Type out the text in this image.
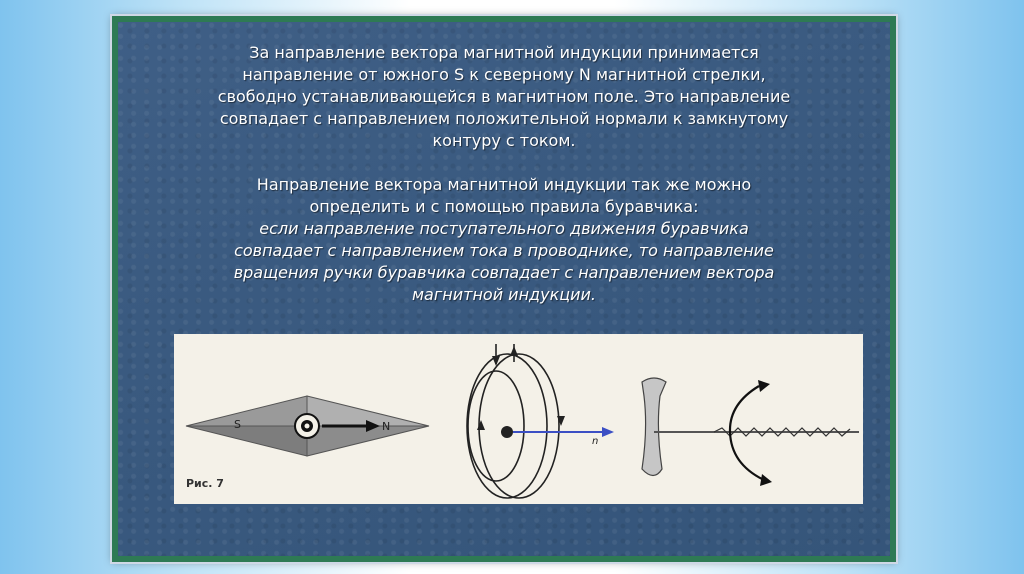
За направление вектора магнитной индукции принимается
направление от южного S к северному N магнитной стрелки,
свободно устанавливающейся в магнитном поле. Это направление
совпадает с направлением положительной нормали к замкнутому
контуру с током.
Направление вектора магнитной индукции так же можно
определить и с помощью правила буравчика:
если направление поступательного движения буравчика
совпадает с направлением тока в проводнике, то направление
вращения ручки буравчика совпадает с направлением вектора
магнитной индукции.
S	N
n
Рис. 7
